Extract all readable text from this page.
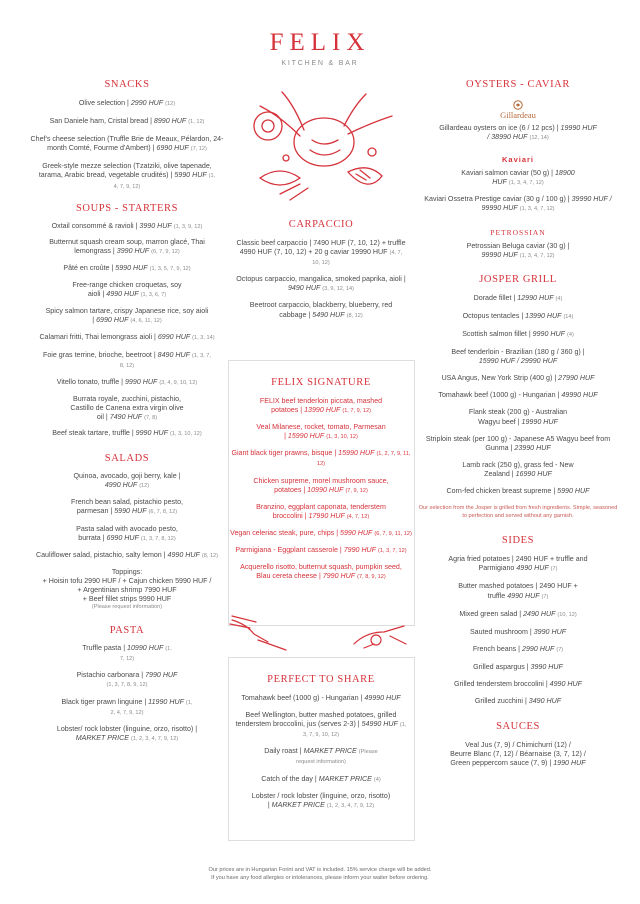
FELIX
KITCHEN & BAR
SNACKS
Olive selection | 2990 HUF (12)
San Daniele ham, Cristal bread | 8990 HUF (1, 12)
Chef's cheese selection (Truffle Brie de Meaux, Pélardon, 24-month Comté, Fourme d'Ambert) | 6990 HUF (7, 12)
Greek-style mezze selection (Tzatziki, olive tapenade, tarama, Arabic bread, vegetable crudités) | 5990 HUF (1, 4, 7, 9, 12)
SOUPS - STARTERS
Oxtail consommé & ravioli | 3990 HUF (1, 3, 9, 12)
Butternut squash cream soup, marron glacé, Thai lemongrass | 3990 HUF (6, 7, 9, 12)
Pâté en croûte | 5990 HUF (1, 3, 5, 7, 9, 12)
Free-range chicken croquetas, soy aioli | 4990 HUF (1, 3, 6, 7)
Spicy salmon tartare, crispy Japanese rice, soy aioli | 6990 HUF (4, 6, 11, 12)
Calamari fritti, Thai lemongrass aioli | 6990 HUF (1, 3, 14)
Foie gras terrine, brioche, beetroot | 8490 HUF (1, 3, 7, 8, 12)
Vitello tonato, truffle | 9990 HUF (3, 4, 9, 10, 12)
Burrata royale, zucchini, pistachio, Castillo de Canena extra virgin olive oil | 7490 HUF (7, 8)
Beef steak tartare, truffle | 9990 HUF (1, 3, 10, 12)
SALADS
Quinoa, avocado, goji berry, kale | 4990 HUF (12)
French bean salad, pistachio pesto, parmesan | 5990 HUF (6, 7, 8, 12)
Pasta salad with avocado pesto, burrata | 6990 HUF (1, 3, 7, 8, 12)
Cauliflower salad, pistachio, salty lemon | 4990 HUF (8, 12)
Toppings:
+ Hoisin tofu 2990 HUF / + Cajun chicken 5990 HUF /
+ Argentinian shrimp 7990 HUF
+ Beef fillet strips 9990 HUF
(Please request information)
PASTA
Truffle pasta | 10990 HUF (1, 7, 12)
Pistachio carbonara | 7990 HUF (1, 3, 7, 8, 9, 12)
Black tiger prawn linguine | 11990 HUF (1, 2, 4, 7, 9, 12)
Lobster/ rock lobster (linguine, orzo, risotto) | MARKET PRICE (1, 2, 3, 4, 7, 9, 12)
CARPACCIO
Classic beef carpaccio | 7490 HUF (7, 10, 12) + truffle 4990 HUF (7, 10, 12) + 20 g caviar 19990 HUF (4, 7, 10, 12)
Octopus carpaccio, mangalica, smoked paprika, aioli | 9490 HUF (3, 9, 12, 14)
Beetroot carpaccio, blackberry, blueberry, red cabbage | 5490 HUF (8, 12)
FELIX SIGNATURE
FELIX beef tenderloin piccata, mashed potatoes | 13990 HUF (1, 7, 9, 12)
Veal Milanese, rocket, tomato, Parmesan | 15990 HUF (1, 3, 10, 12)
Giant black tiger prawns, bisque | 15990 HUF (1, 2, 7, 9, 11, 12)
Chicken supreme, morel mushroom sauce, potatoes | 10990 HUF (7, 9, 12)
Branzino, eggplant caponata, tenderstem broccolini | 17990 HUF (4, 7, 12)
Vegan celeriac steak, pure, chips | 5990 HUF (6, 7, 9, 11, 12)
Parmigiana - Eggplant casserole | 7990 HUF (1, 3, 7, 12)
Acquerello risotto, butternut squash, pumpkin seed, Blau cereta cheese | 7990 HUF (7, 8, 9, 12)
PERFECT TO SHARE
Tomahawk beef (1000 g) - Hungarian | 49990 HUF
Beef Wellington, butter mashed potatoes, grilled tenderstem broccolini, jus (serves 2-3) | 54990 HUF (1, 3, 7, 9, 10, 12)
Daily roast | MARKET PRICE (Please request information)
Catch of the day | MARKET PRICE (4)
Lobster / rock lobster (linguine, orzo, risotto) | MARKET PRICE (1, 2, 3, 4, 7, 9, 12)
OYSTERS - CAVIAR
Gillardeau
Gillardeau oysters on ice (6 / 12 pcs) | 19990 HUF / 38990 HUF (12, 14)
Kaviari
Kaviari salmon caviar (50 g) | 18900 HUF (1, 3, 4, 7, 12)
Kaviari Ossetra Prestige caviar (30 g / 100 g) | 39990 HUF / 99990 HUF (1, 3, 4, 7, 12)
PETROSSIAN
Petrossian Beluga caviar (30 g) | 99990 HUF (1, 3, 4, 7, 12)
JOSPER GRILL
Dorade fillet | 12990 HUF (4)
Octopus tentacles | 13990 HUF (14)
Scottish salmon fillet | 9990 HUF (4)
Beef tenderloin - Brazilian (180 g / 360 g) | 15990 HUF / 29990 HUF
USA Angus, New York Strip (400 g) | 27990 HUF
Tomahawk beef (1000 g) - Hungarian | 49990 HUF
Flank steak (200 g) - Australian Wagyu beef | 19990 HUF
Striploin steak (per 100 g) - Japanese A5 Wagyu beef from Gunma | 23990 HUF
Lamb rack (250 g), grass fed - New Zealand | 16990 HUF
Corn-fed chicken breast supreme | 5990 HUF
Our selection from the Josper is grilled from fresh ingredients. Simple, seasoned to perfection and served without any garnish.
SIDES
Agria fried potatoes | 2490 HUF + truffle and Parmigiano 4990 HUF (7)
Butter mashed potatoes | 2490 HUF + truffle 4990 HUF (7)
Mixed green salad | 2490 HUF (10, 12)
Sauted mushroom | 3990 HUF
French beans | 2990 HUF (7)
Grilled aspargus | 3990 HUF
Grilled tenderstem broccolini | 4990 HUF
Grilled zucchini | 3490 HUF
SAUCES
Veal Jus (7, 9) / Chimichurri (12) /
Beurre Blanc (7, 12) / Béarnaise (3, 7, 12) /
Green peppercorn sauce (7, 9) | 1990 HUF
Our prices are in Hungarian Forint and VAT is included. 15% service charge will be added.
If you have any food allergies or intolerances, please inform your waiter before ordering.
